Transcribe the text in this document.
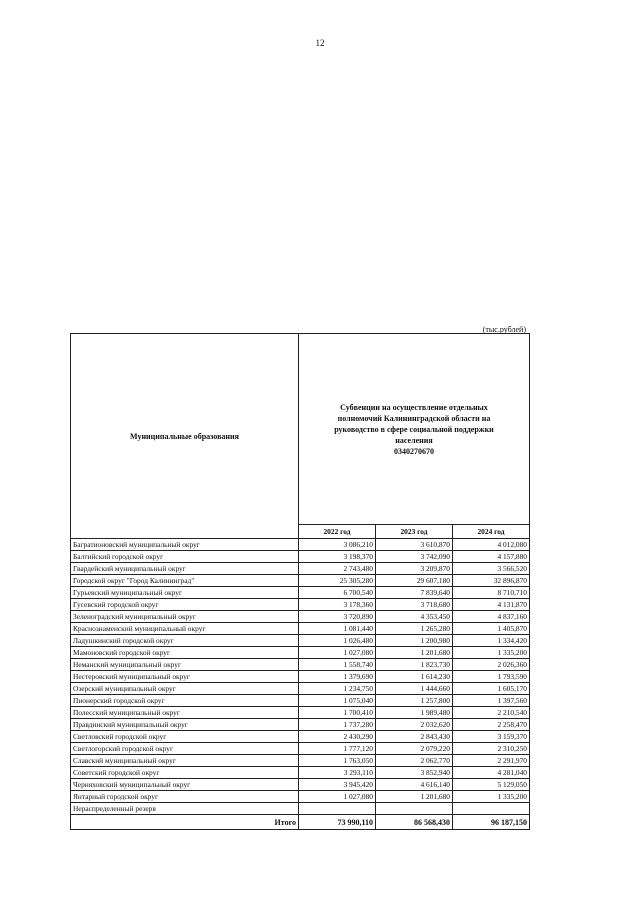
12
(тыс.рублей)
Муниципальные образования	Субвенции на осуществление отдельных
полномочий Калининградской области на
руководство в сфере социальной поддержки
населения
0340270670		

	2022 год	2023 год	2024 год
Багратионовский муниципальный округ	3 086,210	3 610,870	4 012,080
Балтийский городской округ	3 198,370	3 742,090	4 157,880
Гвардейский муниципальный округ	2 743,480	3 209,870	3 566,520
Городской округ "Город Калининград"	25 305,280	29 607,180	32 896,870
Гурьевский муниципальный округ	6 700,540	7 839,640	8 710,710
Гусевский городской округ	3 178,360	3 718,680	4 131,870
Зеленоградский муниципальный округ	3 720,890	4 353,450	4 837,160
Краснознаменский муниципальный округ	1 081,440	1 265,280	1 405,870
Ладушкинский городской округ	1 026,480	1 200,980	1 334,420
Мамоновский городской округ	1 027,080	1 201,680	1 335,200
Неманский муниципальный округ	1 558,740	1 823,730	2 026,360
Нестеровский муниципальный округ	1 379,690	1 614,230	1 793,590
Озерский муниципальный округ	1 234,750	1 444,660	1 605,170
Пионерский городской округ	1 075,040	1 257,800	1 397,560
Полесский муниципальный округ	1 700,410	1 989,480	2 210,540
Правдинский муниципальный округ	1 737,280	2 032,620	2 258,470
Светловский городской округ	2 430,290	2 843,430	3 159,370
Светлогорский городской округ	1 777,120	2 079,220	2 310,250
Славский муниципальный округ	1 763,050	2 062,770	2 291,970
Советский городской округ	3 293,110	3 852,940	4 281,040
Черняховский муниципальный округ	3 945,420	4 616,140	5 129,050
Янтарный городской округ	1 027,080	1 201,680	1 335,200
Нераспределенный резерв			
Итого	73 990,110	86 568,430	96 187,150
